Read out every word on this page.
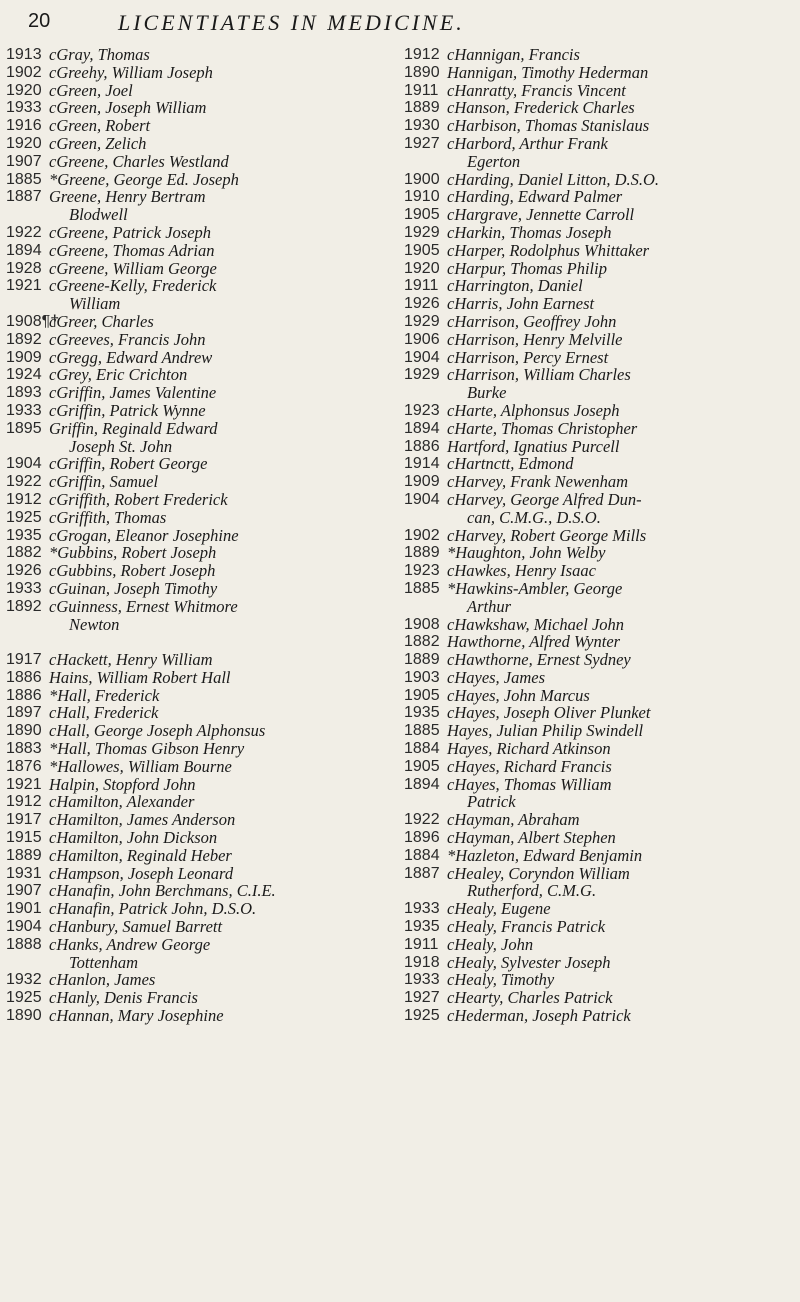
20	LICENTIATES IN MEDICINE.
1913 cGray, Thomas
1902 cGreehy, William Joseph
1920 cGreen, Joel
1933 cGreen, Joseph William
1916 cGreen, Robert
1920 cGreen, Zelich
1907 cGreene, Charles Westland
1885 *Greene, George Ed. Joseph
1887 Greene, Henry Bertram
Blodwell
1922 cGreene, Patrick Joseph
1894 cGreene, Thomas Adrian
1928 cGreene, William George
1921 cGreene-Kelly, Frederick
William
1908¶†
cGreer, Charles
1892 cGreeves, Francis John
1909 cGregg, Edward Andrew
1924 cGrey, Eric Crichton
1893 cGriffin, James Valentine
1933 cGriffin, Patrick Wynne
1895 Griffin, Reginald Edward
Joseph St. John
1904 cGriffin, Robert George
1922 cGriffin, Samuel
1912 cGriffith, Robert Frederick
1925 cGriffith, Thomas
1935 cGrogan, Eleanor Josephine
1882 *Gubbins, Robert Joseph
1926 cGubbins, Robert Joseph
1933 cGuinan, Joseph Timothy
1892 cGuinness, Ernest Whitmore
Newton
1917 cHackett, Henry William
1886 Hains, William Robert Hall
1886 *Hall, Frederick
1897 cHall, Frederick
1890 cHall, George Joseph Alphonsus
1883 *Hall, Thomas Gibson Henry
1876 *Hallowes, William Bourne
1921 Halpin, Stopford John
1912 cHamilton, Alexander
1917 cHamilton, James Anderson
1915 cHamilton, John Dickson
1889 cHamilton, Reginald Heber
1931 cHampson, Joseph Leonard
1907 cHanafin, John Berchmans, C.I.E.
1901 cHanafin, Patrick John, D.S.O.
1904 cHanbury, Samuel Barrett
1888 cHanks, Andrew George
Tottenham
1932 cHanlon, James
1925 cHanly, Denis Francis
1890 cHannan, Mary Josephine
1912 cHannigan, Francis
1890 Hannigan, Timothy Hederman
1911 cHanratty, Francis Vincent
1889 cHanson, Frederick Charles
1930 cHarbison, Thomas Stanislaus
1927 cHarbord, Arthur Frank
Egerton
1900 cHarding, Daniel Litton, D.S.O.
1910 cHarding, Edward Palmer
1905 cHargrave, Jennette Carroll
1929 cHarkin, Thomas Joseph
1905 cHarper, Rodolphus Whittaker
1920 cHarpur, Thomas Philip
1911 cHarrington, Daniel
1926 cHarris, John Earnest
1929 cHarrison, Geoffrey John
1906 cHarrison, Henry Melville
1904 cHarrison, Percy Ernest
1929 cHarrison, William Charles
Burke
1923 cHarte, Alphonsus Joseph
1894 cHarte, Thomas Christopher
1886 Hartford, Ignatius Purcell
1914 cHartnctt, Edmond
1909 cHarvey, Frank Newenham
1904 cHarvey, George Alfred Dun-
can, C.M.G., D.S.O.
1902 cHarvey, Robert George Mills
1889 *Haughton, John Welby
1923 cHawkes, Henry Isaac
1885 *Hawkins-Ambler, George
Arthur
1908 cHawkshaw, Michael John
1882 Hawthorne, Alfred Wynter
1889 cHawthorne, Ernest Sydney
1903 cHayes, James
1905 cHayes, John Marcus
1935 cHayes, Joseph Oliver Plunket
1885 Hayes, Julian Philip Swindell
1884 Hayes, Richard Atkinson
1905 cHayes, Richard Francis
1894 cHayes, Thomas William
Patrick
1922 cHayman, Abraham
1896 cHayman, Albert Stephen
1884 *Hazleton, Edward Benjamin
1887 cHealey, Coryndon William
Rutherford, C.M.G.
1933 cHealy, Eugene
1935 cHealy, Francis Patrick
1911 cHealy, John
1918 cHealy, Sylvester Joseph
1933 cHealy, Timothy
1927 cHearty, Charles Patrick
1925 cHederman, Joseph Patrick
